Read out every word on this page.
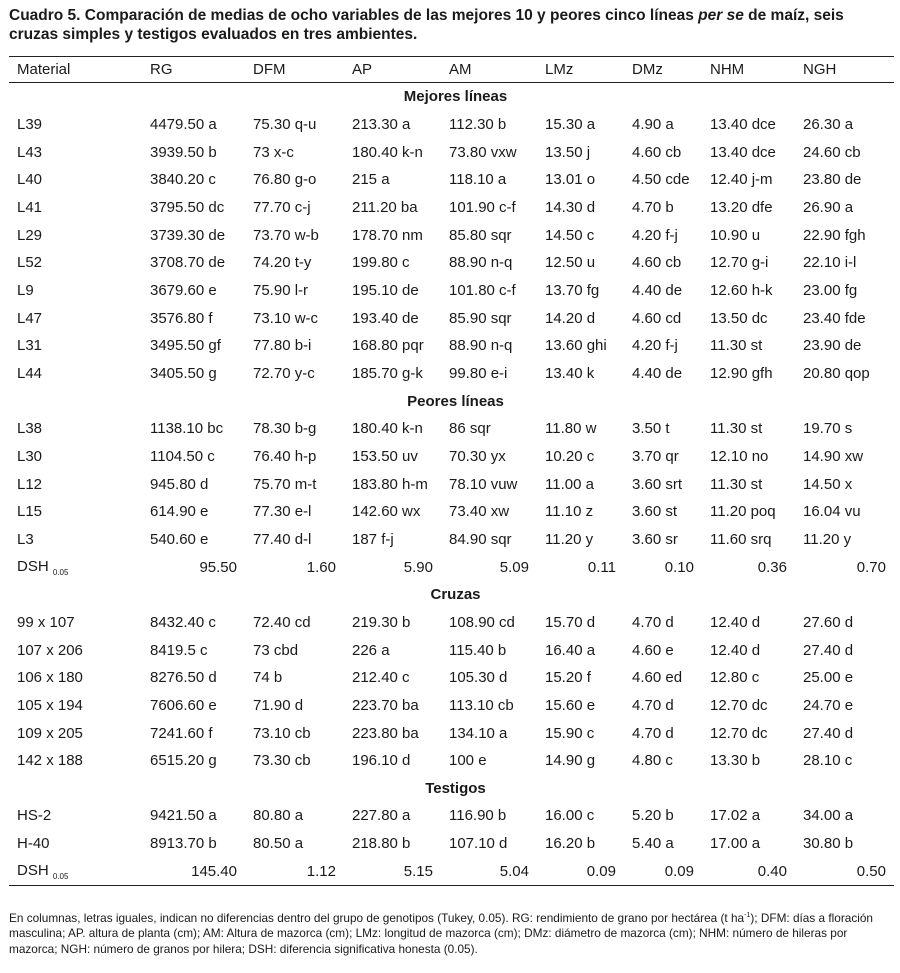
Cuadro 5. Comparación de medias de ocho variables de las mejores 10 y peores cinco líneas per se de maíz, seis cruzas simples y testigos evaluados en tres ambientes.
Material	RG	DFM	AP	AM	LMz	DMz	NHM	NGH
Mejores líneas								
L39	4479.50 a	75.30 q-u	213.30 a	112.30 b	15.30 a	4.90 a	13.40 dce	26.30 a
L43	3939.50 b	73 x-c	180.40 k-n	73.80 vxw	13.50 j	4.60 cb	13.40 dce	24.60 cb
L40	3840.20 c	76.80 g-o	215 a	118.10 a	13.01 o	4.50 cde	12.40 j-m	23.80 de
L41	3795.50 dc	77.70 c-j	211.20 ba	101.90 c-f	14.30 d	4.70 b	13.20 dfe	26.90 a
L29	3739.30 de	73.70 w-b	178.70 nm	85.80 sqr	14.50 c	4.20 f-j	10.90 u	22.90 fgh
L52	3708.70 de	74.20 t-y	199.80 c	88.90 n-q	12.50 u	4.60 cb	12.70 g-i	22.10 i-l
L9	3679.60 e	75.90 l-r	195.10 de	101.80 c-f	13.70 fg	4.40 de	12.60 h-k	23.00 fg
L47	3576.80 f	73.10 w-c	193.40 de	85.90 sqr	14.20 d	4.60 cd	13.50 dc	23.40 fde
L31	3495.50 gf	77.80 b-i	168.80 pqr	88.90 n-q	13.60 ghi	4.20 f-j	11.30 st	23.90 de
L44	3405.50 g	72.70 y-c	185.70 g-k	99.80 e-i	13.40 k	4.40 de	12.90 gfh	20.80 qop
Peores líneas								
L38	1138.10 bc	78.30 b-g	180.40 k-n	86 sqr	11.80 w	3.50 t	11.30 st	19.70 s
L30	1104.50 c	76.40 h-p	153.50 uv	70.30 yx	10.20 c	3.70 qr	12.10 no	14.90 xw
L12	945.80 d	75.70 m-t	183.80 h-m	78.10 vuw	11.00 a	3.60 srt	11.30 st	14.50 x
L15	614.90 e	77.30 e-l	142.60 wx	73.40 xw	11.10 z	3.60 st	11.20 poq	16.04 vu
L3	540.60 e	77.40 d-l	187 f-j	84.90 sqr	11.20 y	3.60 sr	11.60 srq	11.20 y
DSH $_{0.05}$	95.50	1.60	5.90	5.09	0.11	0.10	0.36	0.70
Cruzas								
99 x 107	8432.40 c	72.40 cd	219.30 b	108.90 cd	15.70 d	4.70 d	12.40 d	27.60 d
107 x 206	8419.5 c	73 cbd	226 a	115.40 b	16.40 a	4.60 e	12.40 d	27.40 d
106 x 180	8276.50 d	74 b	212.40 c	105.30 d	15.20 f	4.60 ed	12.80 c	25.00 e
105 x 194	7606.60 e	71.90 d	223.70 ba	113.10 cb	15.60 e	4.70 d	12.70 dc	24.70 e
109 x 205	7241.60 f	73.10 cb	223.80 ba	134.10 a	15.90 c	4.70 d	12.70 dc	27.40 d
142 x 188	6515.20 g	73.30 cb	196.10 d	100 e	14.90 g	4.80 c	13.30 b	28.10 c
Testigos								
HS-2	9421.50 a	80.80 a	227.80 a	116.90 b	16.00 c	5.20 b	17.02 a	34.00 a
H-40	8913.70 b	80.50 a	218.80 b	107.10 d	16.20 b	5.40 a	17.00 a	30.80 b
DSH $_{0.05}$	145.40	1.12	5.15	5.04	0.09	0.09	0.40	0.50
En columnas, letras iguales, indican no diferencias dentro del grupo de genotipos (Tukey, 0.05). RG: rendimiento de grano por hectárea (t $ha^{-1}$); DFM: días a floración masculina; AP. altura de planta (cm); AM: Altura de mazorca (cm); LMz: longitud de mazorca (cm); DMz: diámetro de mazorca (cm); NHM: número de hileras por mazorca; NGH: número de granos por hilera; DSH: diferencia significativa honesta (0.05).
